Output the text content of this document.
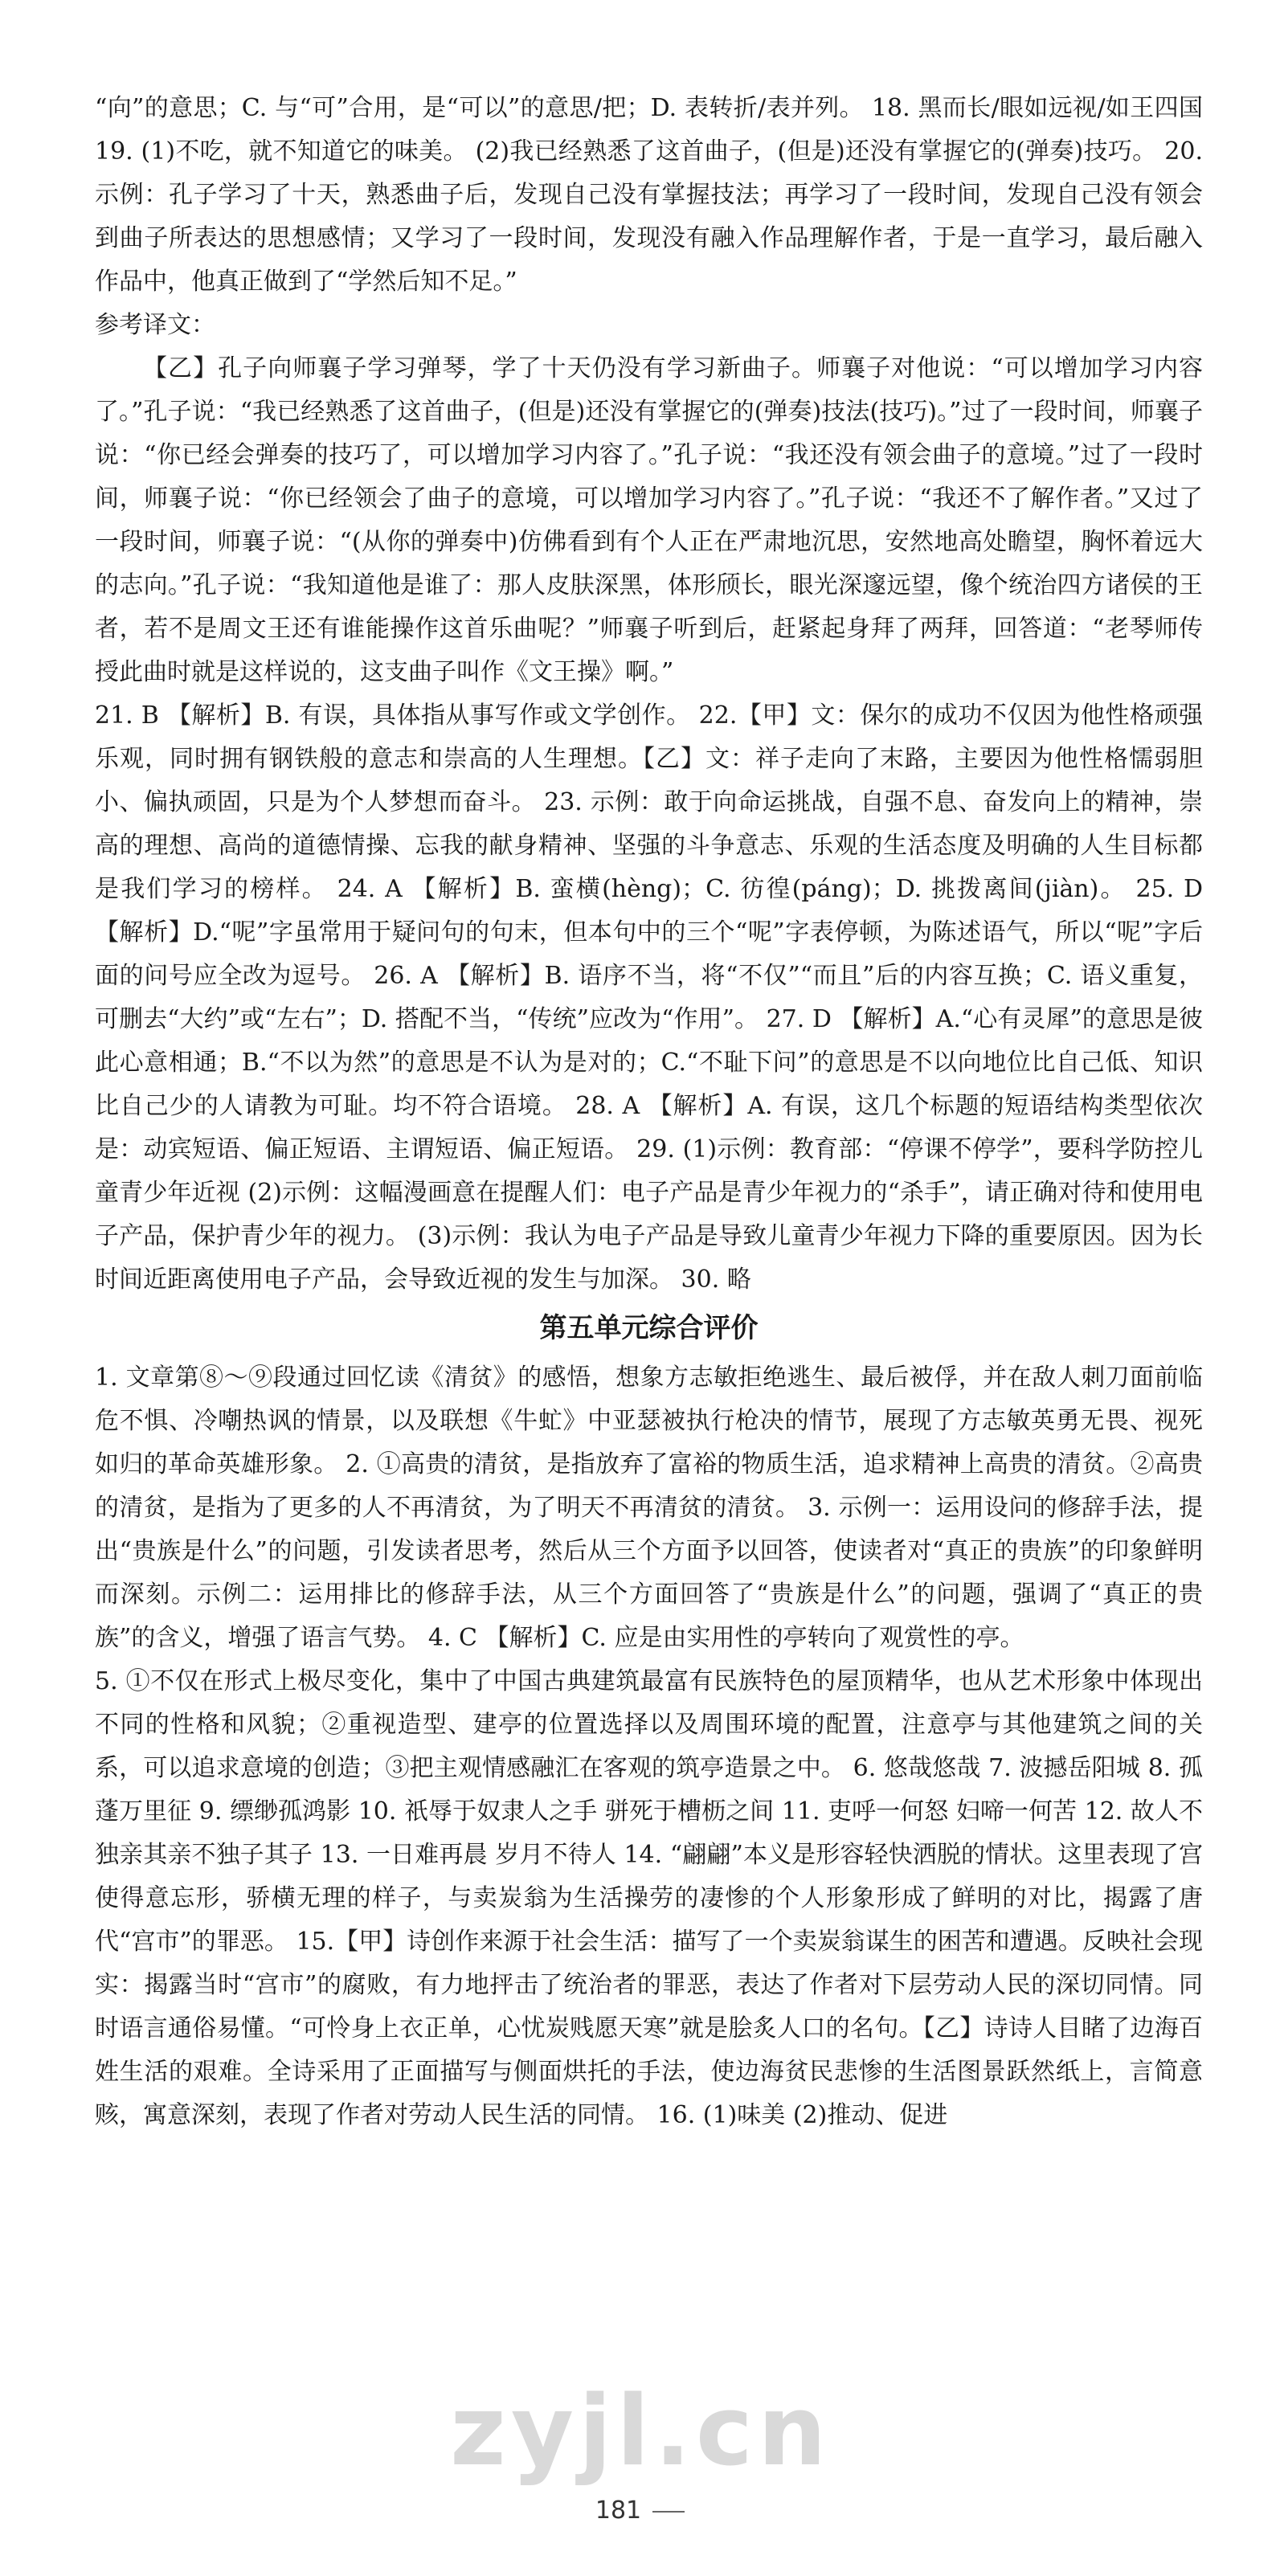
“向”的意思；C. 与“可”合用，是“可以”的意思/把；D. 表转折/表并列。 18. 黑而长/眼如远视/如王四国 19. (1)不吃，就不知道它的味美。 (2)我已经熟悉了这首曲子，(但是)还没有掌握它的(弹奏)技巧。 20. 示例：孔子学习了十天，熟悉曲子后，发现自己没有掌握技法；再学习了一段时间，发现自己没有领会到曲子所表达的思想感情；又学习了一段时间，发现没有融入作品理解作者，于是一直学习，最后融入作品中，他真正做到了“学然后知不足。”

参考译文：

【乙】孔子向师襄子学习弹琴，学了十天仍没有学习新曲子。师襄子对他说：“可以增加学习内容了。”孔子说：“我已经熟悉了这首曲子，(但是)还没有掌握它的(弹奏)技法(技巧)。”过了一段时间，师襄子说：“你已经会弹奏的技巧了，可以增加学习内容了。”孔子说：“我还没有领会曲子的意境。”过了一段时间，师襄子说：“你已经领会了曲子的意境，可以增加学习内容了。”孔子说：“我还不了解作者。”又过了一段时间，师襄子说：“(从你的弹奏中)仿佛看到有个人正在严肃地沉思，安然地高处瞻望，胸怀着远大的志向。”孔子说：“我知道他是谁了：那人皮肤深黑，体形颀长，眼光深邃远望，像个统治四方诸侯的王者，若不是周文王还有谁能操作这首乐曲呢？”师襄子听到后，赶紧起身拜了两拜，回答道：“老琴师传授此曲时就是这样说的，这支曲子叫作《文王操》啊。”

21. B 【解析】B. 有误，具体指从事写作或文学创作。 22.【甲】文：保尔的成功不仅因为他性格顽强乐观，同时拥有钢铁般的意志和崇高的人生理想。【乙】文：祥子走向了末路，主要因为他性格懦弱胆小、偏执顽固，只是为个人梦想而奋斗。 23. 示例：敢于向命运挑战，自强不息、奋发向上的精神，崇高的理想、高尚的道德情操、忘我的献身精神、坚强的斗争意志、乐观的生活态度及明确的人生目标都是我们学习的榜样。 24. A 【解析】B. 蛮横(hèng)；C. 彷徨(páng)；D. 挑拨离间(jiàn)。 25. D 【解析】D.“呢”字虽常用于疑问句的句末，但本句中的三个“呢”字表停顿，为陈述语气，所以“呢”字后面的问号应全改为逗号。 26. A 【解析】B. 语序不当，将“不仅”“而且”后的内容互换；C. 语义重复，可删去“大约”或“左右”；D. 搭配不当，“传统”应改为“作用”。 27. D 【解析】A.“心有灵犀”的意思是彼此心意相通；B.“不以为然”的意思是不认为是对的；C.“不耻下问”的意思是不以向地位比自己低、知识比自己少的人请教为可耻。均不符合语境。 28. A 【解析】A. 有误，这几个标题的短语结构类型依次是：动宾短语、偏正短语、主谓短语、偏正短语。 29. (1)示例：教育部：“停课不停学”，要科学防控儿童青少年近视 (2)示例：这幅漫画意在提醒人们：电子产品是青少年视力的“杀手”，请正确对待和使用电子产品，保护青少年的视力。 (3)示例：我认为电子产品是导致儿童青少年视力下降的重要原因。因为长时间近距离使用电子产品，会导致近视的发生与加深。 30. 略

第五单元综合评价

1. 文章第⑧～⑨段通过回忆读《清贫》的感悟，想象方志敏拒绝逃生、最后被俘，并在敌人刺刀面前临危不惧、冷嘲热讽的情景，以及联想《牛虻》中亚瑟被执行枪决的情节，展现了方志敏英勇无畏、视死如归的革命英雄形象。 2. ①高贵的清贫，是指放弃了富裕的物质生活，追求精神上高贵的清贫。②高贵的清贫，是指为了更多的人不再清贫，为了明天不再清贫的清贫。 3. 示例一：运用设问的修辞手法，提出“贵族是什么”的问题，引发读者思考，然后从三个方面予以回答，使读者对“真正的贵族”的印象鲜明而深刻。示例二：运用排比的修辞手法，从三个方面回答了“贵族是什么”的问题，强调了“真正的贵族”的含义，增强了语言气势。 4. C 【解析】C. 应是由实用性的亭转向了观赏性的亭。

5. ①不仅在形式上极尽变化，集中了中国古典建筑最富有民族特色的屋顶精华，也从艺术形象中体现出不同的性格和风貌；②重视造型、建亭的位置选择以及周围环境的配置，注意亭与其他建筑之间的关系，可以追求意境的创造；③把主观情感融汇在客观的筑亭造景之中。 6. 悠哉悠哉 7. 波撼岳阳城 8. 孤蓬万里征 9. 缥缈孤鸿影 10. 祇辱于奴隶人之手 骈死于槽枥之间 11. 吏呼一何怒 妇啼一何苦 12. 故人不独亲其亲不独子其子 13. 一日难再晨 岁月不待人 14. “翩翩”本义是形容轻快洒脱的情状。这里表现了宫使得意忘形，骄横无理的样子，与卖炭翁为生活操劳的凄惨的个人形象形成了鲜明的对比，揭露了唐代“宫市”的罪恶。 15.【甲】诗创作来源于社会生活：描写了一个卖炭翁谋生的困苦和遭遇。反映社会现实：揭露当时“宫市”的腐败，有力地抨击了统治者的罪恶，表达了作者对下层劳动人民的深切同情。同时语言通俗易懂。“可怜身上衣正单，心忧炭贱愿天寒”就是脍炙人口的名句。【乙】诗诗人目睹了边海百姓生活的艰难。全诗采用了正面描写与侧面烘托的手法，使边海贫民悲惨的生活图景跃然纸上，言简意赅，寓意深刻，表现了作者对劳动人民生活的同情。 16. (1)味美 (2)推动、促进

zyjl.cn
181
